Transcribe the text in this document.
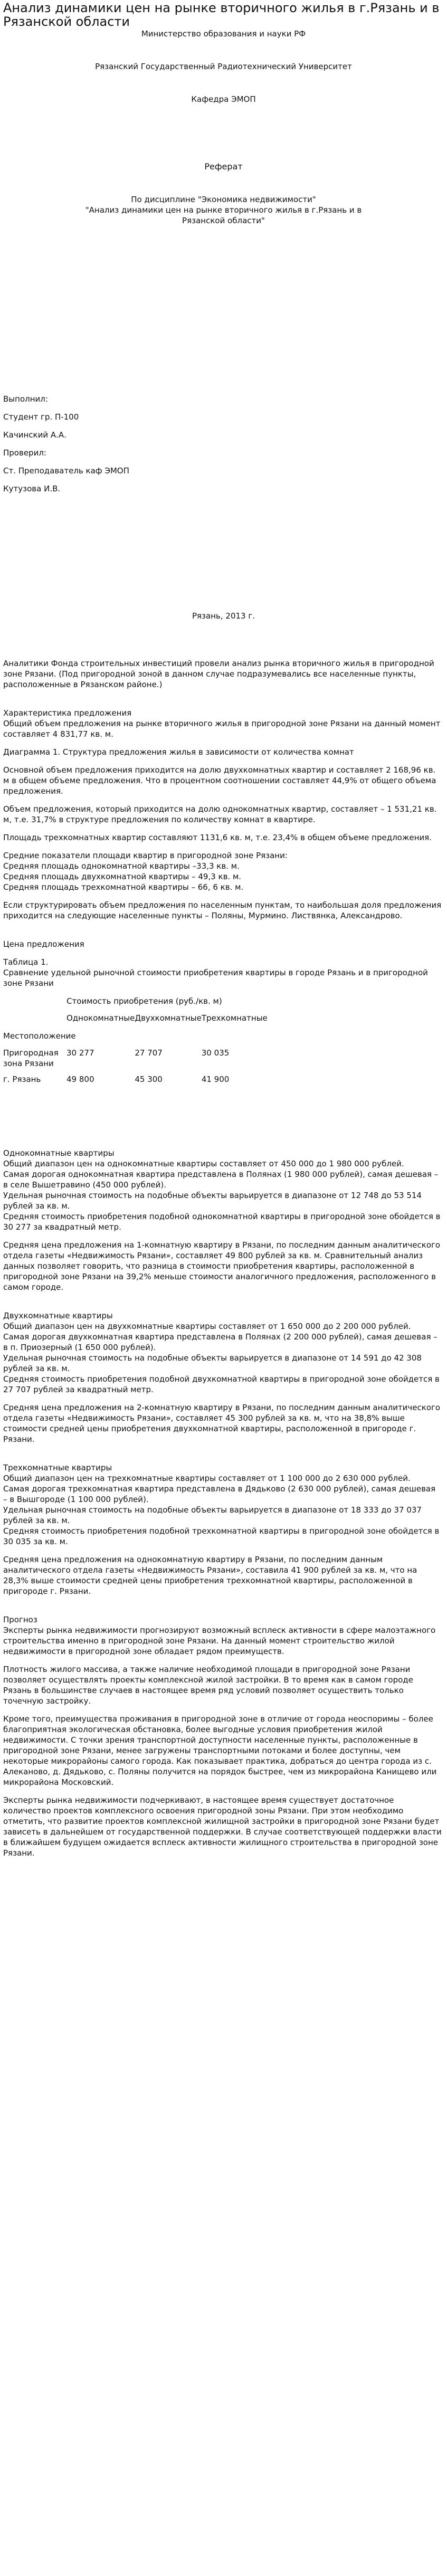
Анализ динамики цен на рынке вторичного жилья в г.Рязань и в Рязанской области

Министерство образования и науки РФ

Рязанский Государственный Радиотехнический Университет

Кафедра ЭМОП

Реферат

По дисциплине "Экономика недвижимости"

"Анализ динамики цен на рынке вторичного жилья в г.Рязань и в Рязанской области"

Выполнил:

Студент гр. П-100

Качинский А.А.

Проверил:

Ст. Преподаватель каф ЭМОП

Кутузова И.В.

Рязань, 2013 г.

Аналитики Фонда строительных инвестиций провели анализ рынка вторичного жилья в пригородной зоне Рязани. (Под пригородной зоной в данном случае подразумевались все населенные пункты, расположенные в Рязанском районе.)

Характеристика предложения

Общий объем предложения на рынке вторичного жилья в пригородной зоне Рязани на данный момент составляет 4 831,77 кв. м.

Диаграмма 1. Структура предложения жилья в зависимости от количества комнат

Основной объем предложения приходится на долю двухкомнатных квартир и составляет 2 168,96 кв. м в общем объеме предложения. Что в процентном соотношении составляет 44,9% от общего объема предложения.

Объем предложения, который приходится на долю однокомнатных квартир, составляет – 1 531,21 кв. м, т.е. 31,7% в структуре предложения по количеству комнат в квартире.

Площадь трехкомнатных квартир составляют 1131,6 кв. м, т.е. 23,4% в общем объеме предложения.

Средние показатели площади квартир в пригородной зоне Рязани:

Средняя площадь однокомнатной квартиры –33,3 кв. м.

Средняя площадь двухкомнатной квартиры – 49,3 кв. м.

Средняя площадь трехкомнатной квартиры – 66, 6 кв. м.

Если структурировать объем предложения по населенным пунктам, то наибольшая доля предложения приходится на следующие населенные пункты – Поляны, Мурмино. Листвянка, Александрово.

Цена предложения

Таблица 1.

Сравнение удельной рыночной стоимости приобретения квартиры в городе Рязань и в пригородной зоне Рязани

	Стоимость приобретения (руб./кв. м)		

	Однокомнатные	Двухкомнатные	Трехкомнатные

Местоположение			

Пригородная зона Рязани	30 277	27 707	30 035

г. Рязань	49 800	45 300	41 900

Однокомнатные квартиры

Общий диапазон цен на однокомнатные квартиры составляет от 450 000 до 1 980 000 рублей.

Самая дорогая однокомнатная квартира представлена в Полянах (1 980 000 рублей), самая дешевая – в селе Вышетравино (450 000 рублей).

Удельная рыночная стоимость на подобные объекты варьируется в диапазоне от 12 748 до 53 514 рублей за кв. м.

Средняя стоимость приобретения подобной однокомнатной квартиры в пригородной зоне обойдется в 30 277 за квадратный метр.

Средняя цена предложения на 1-комнатную квартиру в Рязани, по последним данным аналитического отдела газеты «Недвижимость Рязани», составляет 49 800 рублей за кв. м. Сравнительный анализ данных позволяет говорить, что разница в стоимости приобретения квартиры, расположенной в пригородной зоне Рязани на 39,2% меньше стоимости аналогичного предложения, расположенного в самом городе.

Двухкомнатные квартиры

Общий диапазон цен на двухкомнатные квартиры составляет от 1 650 000 до 2 200 000 рублей.

Самая дорогая двухкомнатная квартира представлена в Полянах (2 200 000 рублей), самая дешевая – в п. Приозерный (1 650 000 рублей).

Удельная рыночная стоимость на подобные объекты варьируется в диапазоне от 14 591 до 42 308 рублей за кв. м.

Средняя стоимость приобретения подобной двухкомнатной квартиры в пригородной зоне обойдется в 27 707 рублей за квадратный метр.

Средняя цена предложения на 2-комнатную квартиру в Рязани, по последним данным аналитического отдела газеты «Недвижимость Рязани», составляет 45 300 рублей за кв. м, что на 38,8% выше стоимости средней цены приобретения двухкомнатной квартиры, расположенной в пригороде г. Рязани.

Трехкомнатные квартиры

Общий диапазон цен на трехкомнатные квартиры составляет от 1 100 000 до 2 630 000 рублей.

Самая дорогая трехкомнатная квартира представлена в Дядьково (2 630 000 рублей), самая дешевая – в Вышгороде (1 100 000 рублей).

Удельная рыночная стоимость на подобные объекты варьируется в диапазоне от 18 333 до 37 037 рублей за кв. м.

Средняя стоимость приобретения подобной трехкомнатной квартиры в пригородной зоне обойдется в 30 035 за кв. м.

Средняя цена предложения на однокомнатную квартиру в Рязани, по последним данным аналитического отдела газеты «Недвижимость Рязани», составила 41 900 рублей за кв. м, что на 28,3% выше стоимости средней цены приобретения трехкомнатной квартиры, расположенной в пригороде г. Рязани.

Прогноз

Эксперты рынка недвижимости прогнозируют возможный всплеск активности в сфере малоэтажного строительства именно в пригородной зоне Рязани. На данный момент строительство жилой недвижимости в пригородной зоне обладает рядом преимуществ.

Плотность жилого массива, а также наличие необходимой площади в пригородной зоне Рязани позволяет осуществлять проекты комплексной жилой застройки. В то время как в самом городе Рязань в большинстве случаев в настоящее время ряд условий позволяет осуществить только точечную застройку.

Кроме того, преимущества проживания в пригородной зоне в отличие от города неоспоримы – более благоприятная экологическая обстановка, более выгодные условия приобретения жилой недвижимости. С точки зрения транспортной доступности населенные пункты, расположенные в пригородной зоне Рязани, менее загружены транспортными потоками и более доступны, чем некоторые микрорайоны самого города. Как показывает практика, добраться до центра города из с. Алеканово, д. Дядьково, с. Поляны получится на порядок быстрее, чем из микрорайона Канищево или микрорайона Московский.

Эксперты рынка недвижимости подчеркивают, в настоящее время существует достаточное количество проектов комплексного освоения пригородной зоны Рязани. При этом необходимо отметить, что развитие проектов комплексной жилищной застройки в пригородной зоне Рязани будет зависеть в дальнейшем от государственной поддержки. В случае соответствующей поддержки власти в ближайшем будущем ожидается всплеск активности жилищного строительства в пригородной зоне Рязани.
